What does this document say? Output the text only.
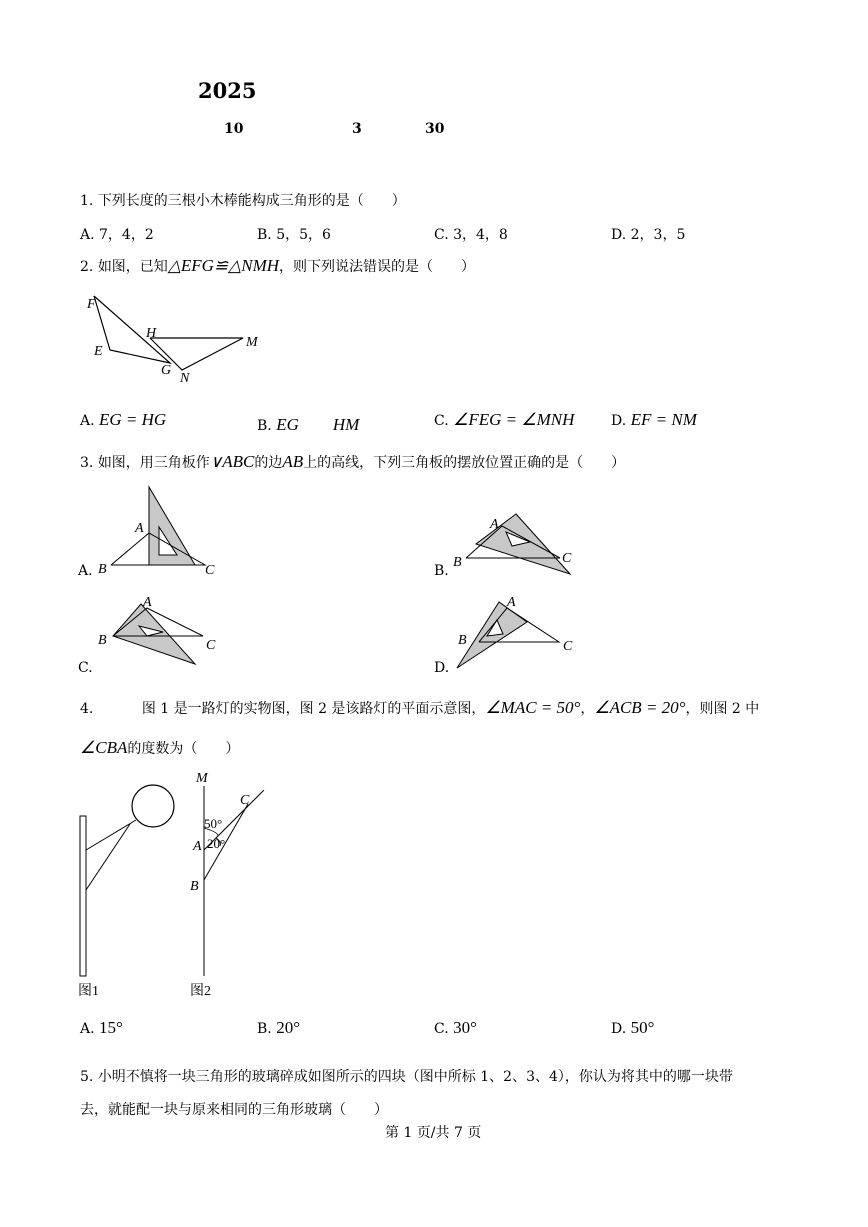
2025
10	3	30
1. 下列长度的三根小木棒能构成三角形的是（　　）
A. 7，4，2	B. 5，5，6	C. 3，4，8	D. 2，3，5
2. 如图，已知△EFG≌△NMH，则下列说法错误的是（　　）
F
H
M
E
G
N
A. EG = HG	B. EG　　HM	C. ∠FEG = ∠MNH	D. EF = NM
3. 如图，用三角板作∨ABC的边AB上的高线，下列三角板的摆放位置正确的是（　　）
A.
A
B	C	B.
A
B	C
C.
A
B	C
D.
A
B	C
4.	图 1 是一路灯的实物图，图 2 是该路灯的平面示意图，∠MAC = 50°，∠ACB = 20°，则图 2 中
∠CBA的度数为（　　）
M
C
50°
A 20°
B
图1	图2
A. 15°	B. 20°	C. 30°	D. 50°
5. 小明不慎将一块三角形的玻璃碎成如图所示的四块（图中所标 1、2、3、4），你认为将其中的哪一块带
去，就能配一块与原来相同的三角形玻璃（　　）
第 1 页/共 7 页
